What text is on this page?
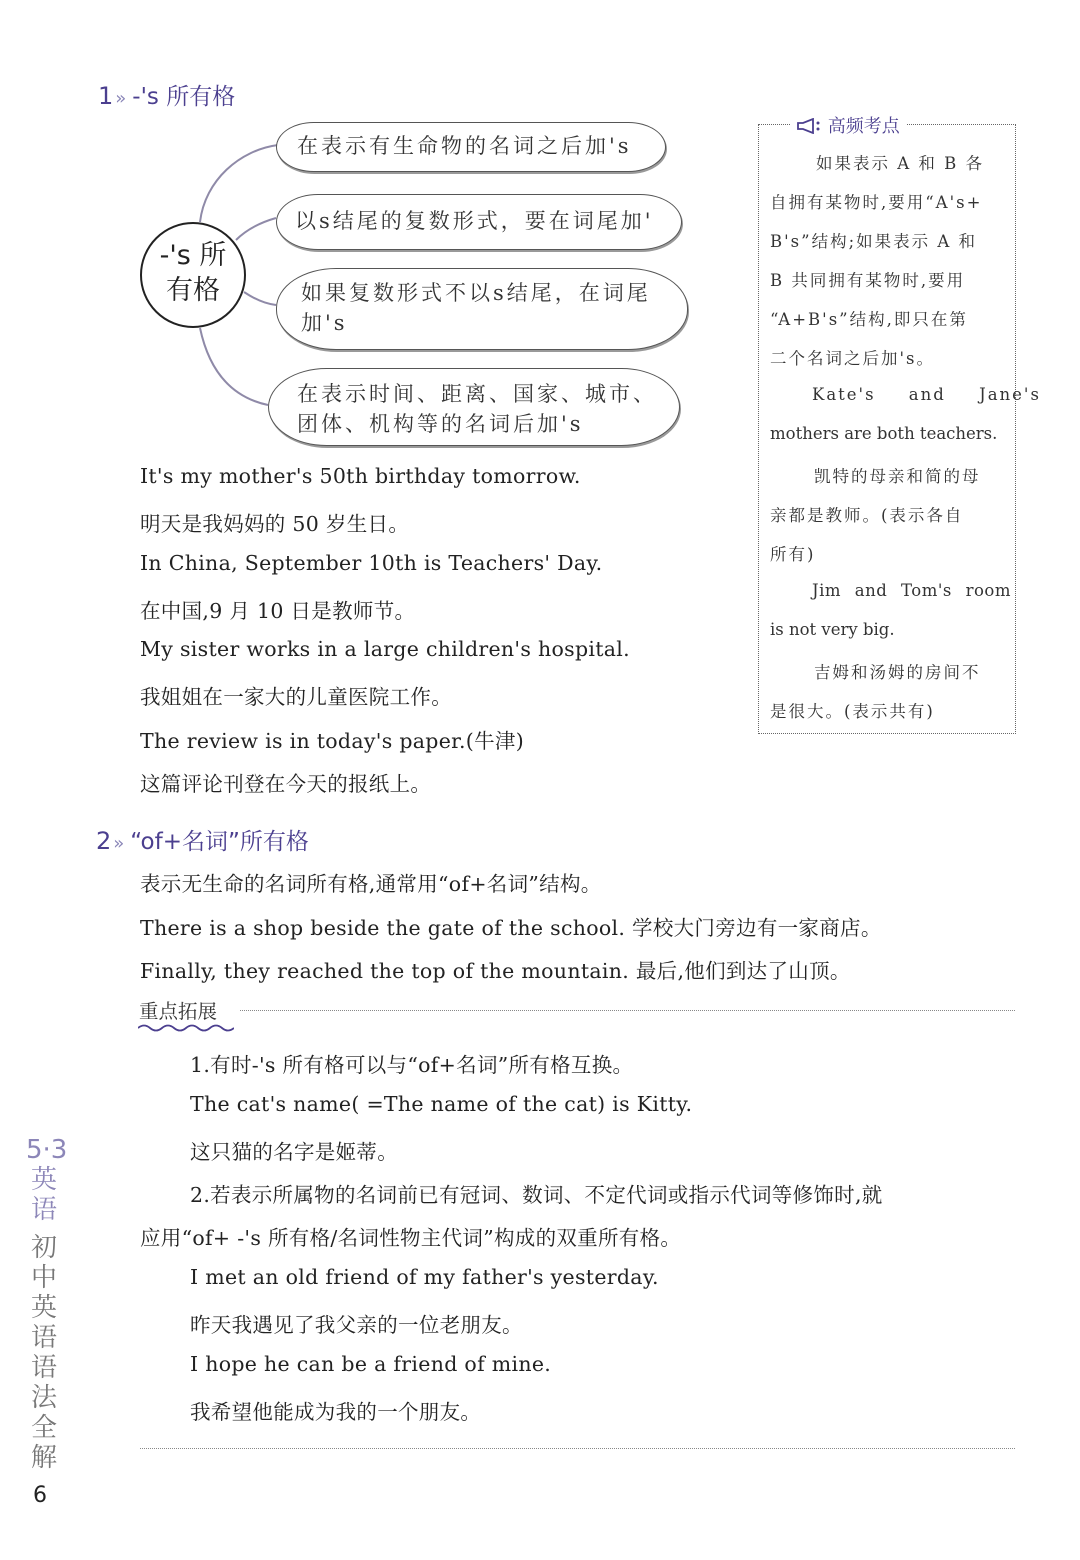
1 » -'s 所有格
-'s 所
有格
在表示有生命物的名词之后加's
以s结尾的复数形式，要在词尾加'
如果复数形式不以s结尾，在词尾
加's
在表示时间、距离、国家、城市、
团体、机构等的名词后加's
It's my mother's 50th birthday tomorrow.
明天是我妈妈的 50 岁生日。
In China, September 10th is Teachers' Day.
在中国,9 月 10 日是教师节。
My sister works in a large children's hospital.
我姐姐在一家大的儿童医院工作。
The review is in today's paper.(牛津)
这篇评论刊登在今天的报纸上。
高频考点
如果表示 A 和 B 各
自拥有某物时,要用“A's+
B's”结构;如果表示 A 和
B 共同拥有某物时,要用
“A+B's”结构,即只在第
二个名词之后加's。
Kate's and Jane's
mothers are both teachers.
凯特的母亲和简的母
亲都是教师。(表示各自
所有)
Jim and Tom's room
is not very big.
吉姆和汤姆的房间不
是很大。(表示共有)
2 » “of+名词”所有格
表示无生命的名词所有格,通常用“of+名词”结构。
There is a shop beside the gate of the school. 学校大门旁边有一家商店。
Finally, they reached the top of the mountain. 最后,他们到达了山顶。
重点拓展
1.有时-'s 所有格可以与“of+名词”所有格互换。
The cat's name( =The name of the cat) is Kitty.
这只猫的名字是姬蒂。
2.若表示所属物的名词前已有冠词、数词、不定代词或指示代词等修饰时,就
应用“of+ -'s 所有格/名词性物主代词”构成的双重所有格。
I met an old friend of my father's yesterday.
昨天我遇见了我父亲的一位老朋友。
I hope he can be a friend of mine.
我希望他能成为我的一个朋友。
5·3英语
初中英语语法全解
6
